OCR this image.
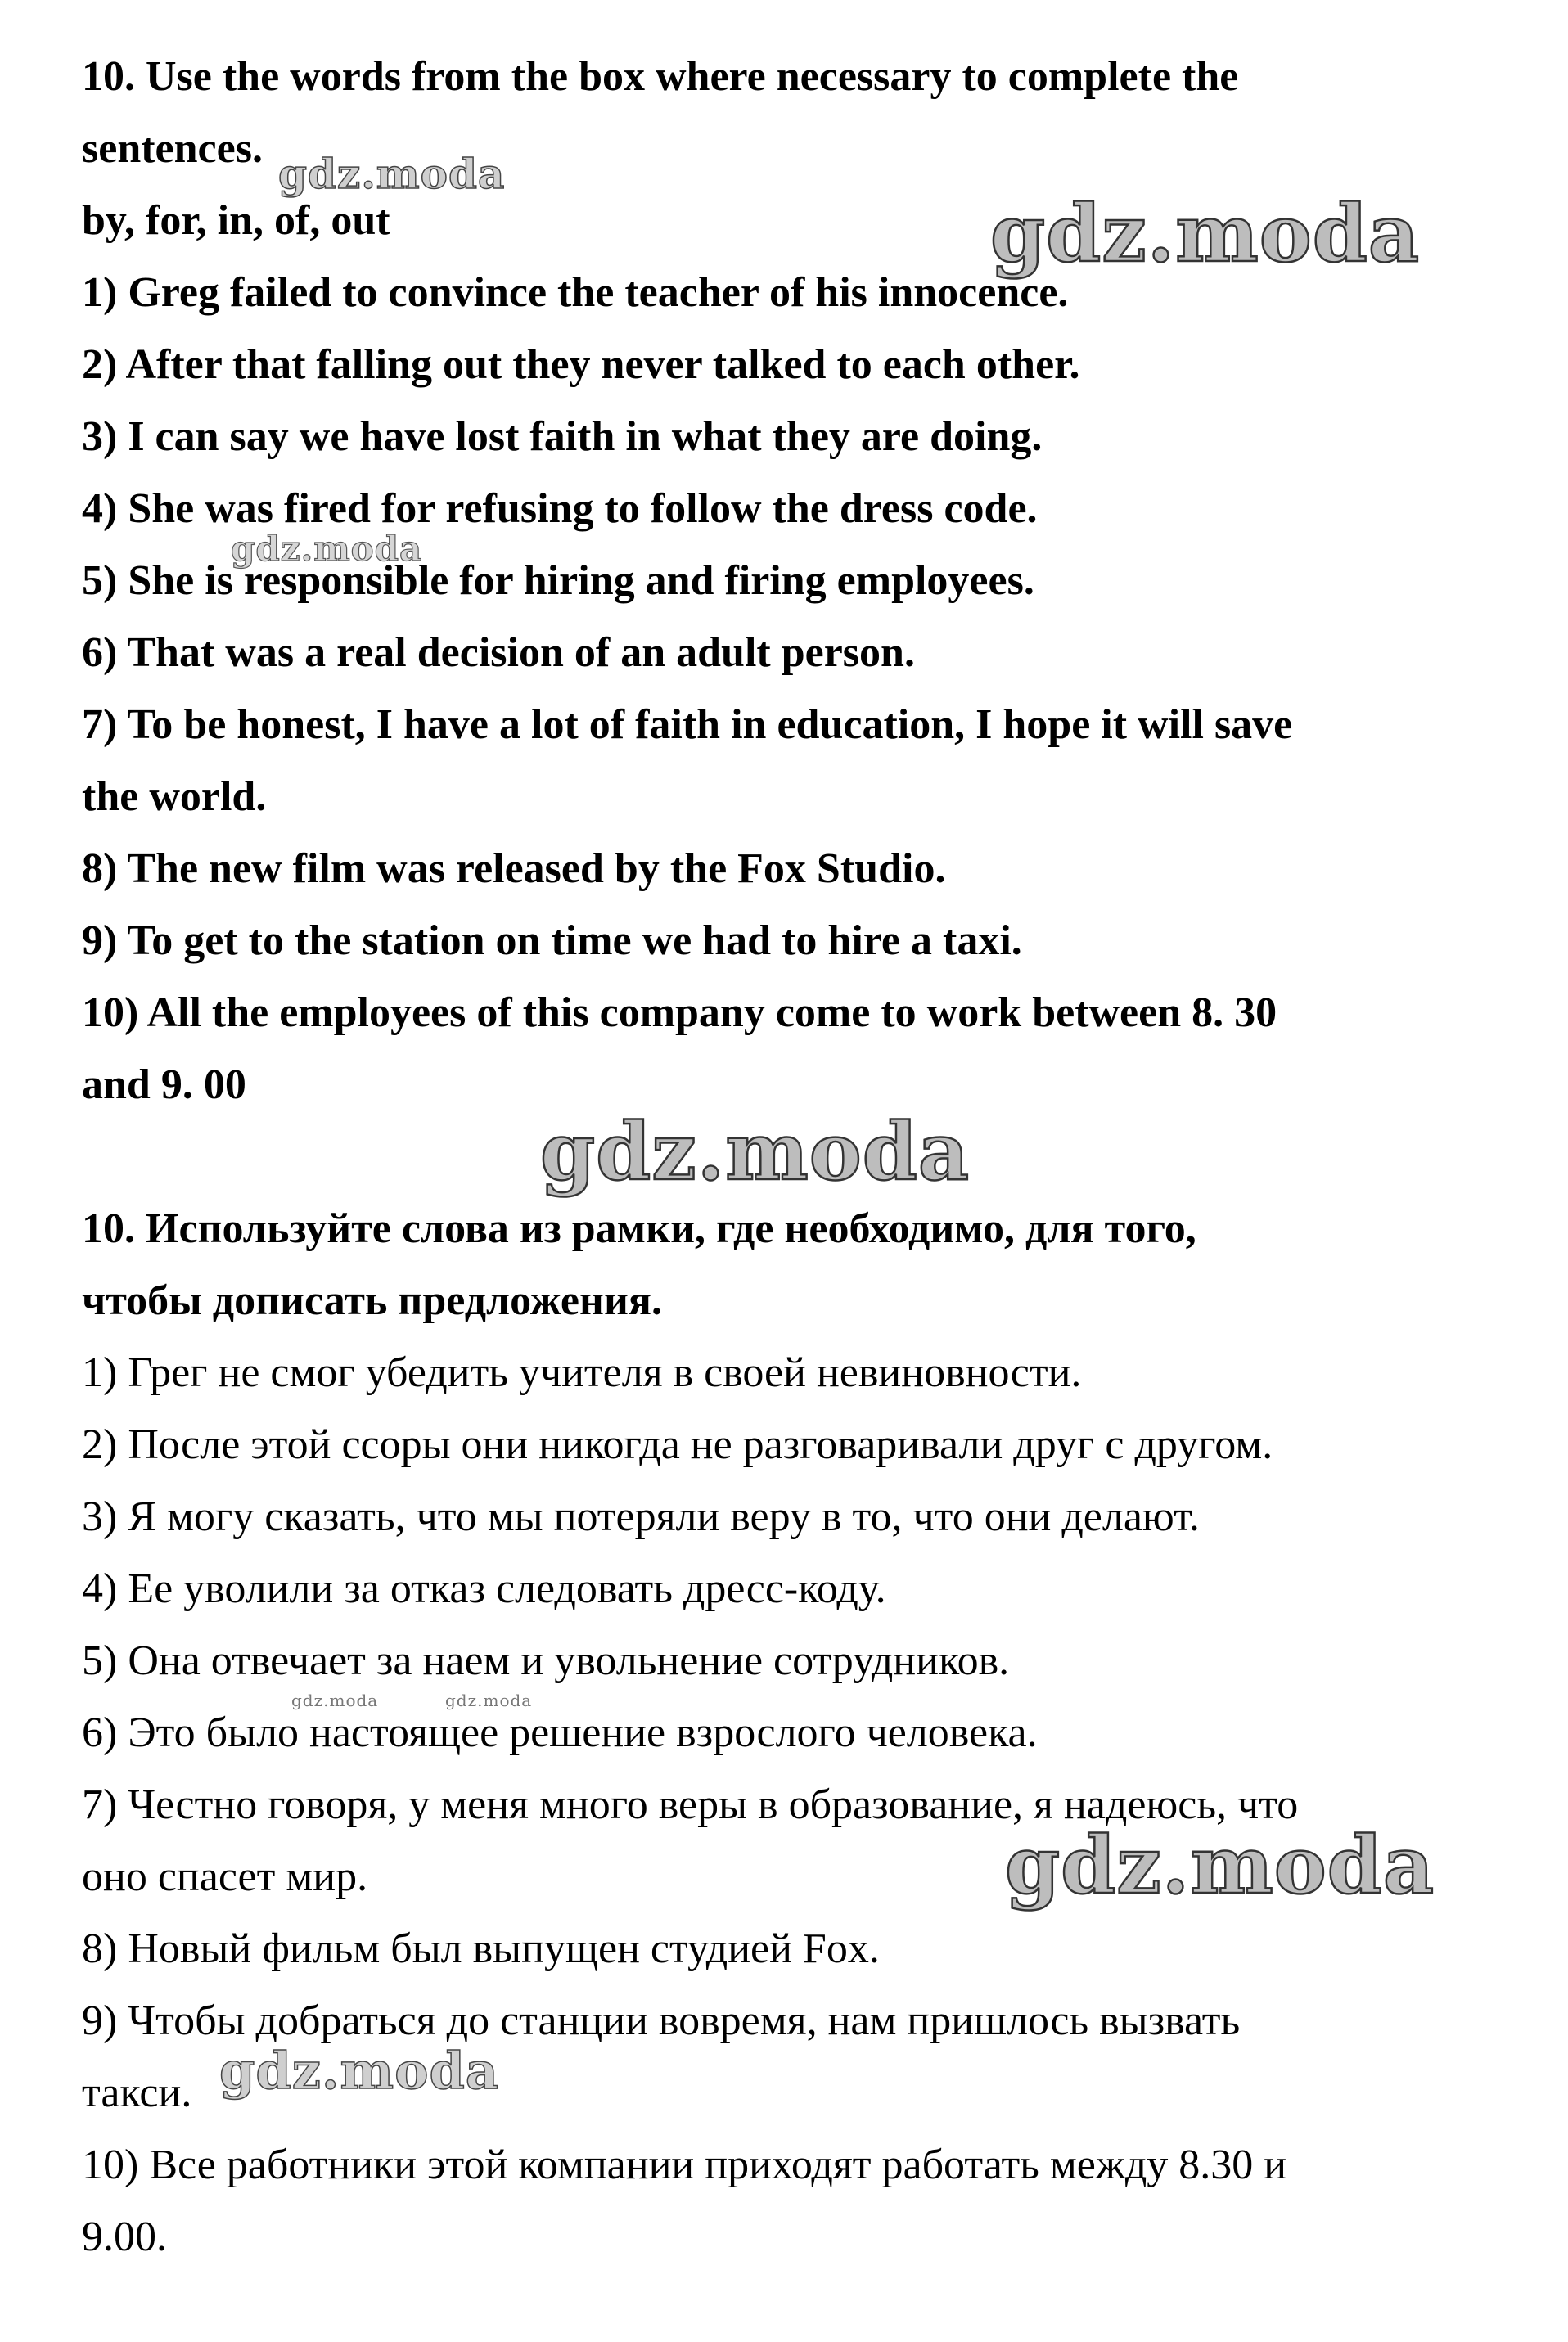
10. Use the words from the box where necessary to complete the
sentences.
by, for, in, of, out
1) Greg failed to convince the teacher of his innocence.
2) After that falling out they never talked to each other.
3) I can say we have lost faith in what they are doing.
4) She was fired for refusing to follow the dress code.
5) She is responsible for hiring and firing employees.
6) That was a real decision of an adult person.
7) To be honest, I have a lot of faith in education, I hope it will save
the world.
8) The new film was released by the Fox Studio.
9) To get to the station on time we had to hire a taxi.
10) All the employees of this company come to work between 8. 30
and 9. 00
10. Используйте слова из рамки, где необходимо, для того,
чтобы дописать предложения.
1) Грег не смог убедить учителя в своей невиновности.
2) После этой ссоры они никогда не разговаривали друг с другом.
3) Я могу сказать, что мы потеряли веру в то, что они делают.
4) Ее уволили за отказ следовать дресс-коду.
5) Она отвечает за наем и увольнение сотрудников.
6) Это было настоящее решение взрослого человека.
7) Честно говоря, у меня много веры в образование, я надеюсь, что
оно спасет мир.
8) Новый фильм был выпущен студией Fox.
9) Чтобы добраться до станции вовремя, нам пришлось вызвать
такси.
10) Все работники этой компании приходят работать между 8.30 и
9.00.
gdz.moda
gdz.moda
gdz.moda
gdz.moda
gdz.moda	gdz.moda
gdz.moda
gdz.moda
